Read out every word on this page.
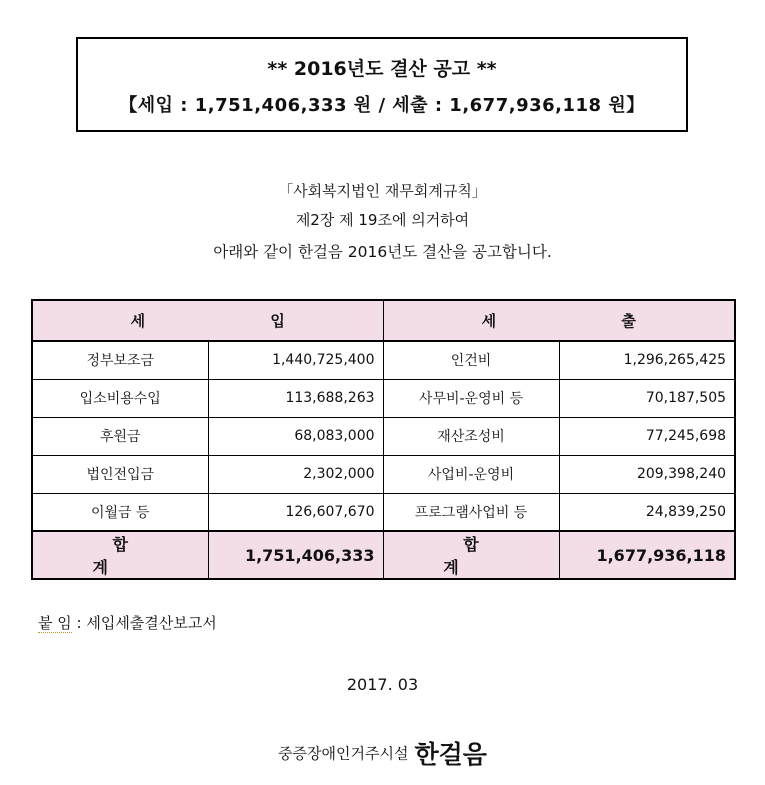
** 2016년도 결산 공고 **
【세입 : 1,751,406,333 원 / 세출 : 1,677,936,118 원】
「사회복지법인 재무회계규칙」
제2장 제 19조에 의거하여
아래와 같이 한걸음 2016년도 결산을 공고합니다.
세 입		세 출	
정부보조금	1,440,725,400	인건비	1,296,265,425
입소비용수입	113,688,263	사무비-운영비 등	70,187,505
후원금	68,083,000	재산조성비	77,245,698
법인전입금	2,302,000	사업비-운영비	209,398,240
이월금 등	126,607,670	프로그램사업비 등	24,839,250
합 계	1,751,406,333	합 계	1,677,936,118
붙 임 : 세입세출결산보고서
2017. 03
중증장애인거주시설 한걸음
